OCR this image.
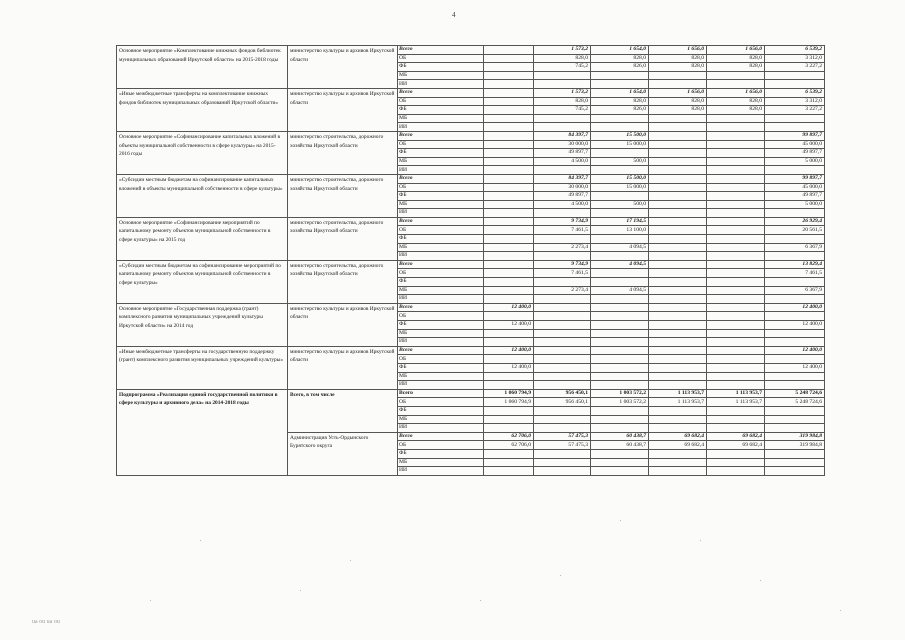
4
Основное мероприятие «Комплектование книжных фондов библиотек муниципальных образований Иркутской области» на 2015-2018 годы	министерство культуры и архивов Иркутской области	Всего		1 573,2	1 654,0	1 656,0	1 656,0	6 539,2
		ОБ		828,0	828,0	828,0	828,0	3 312,0
		ФБ		745,2	826,0	828,0	828,0	3 227,2
		МБ						
		ИИ						
«Иные межбюджетные трансферты на комплектование книжных фондов библиотек муниципальных образований Иркутской области»	министерство культуры и архивов Иркутской области	Всего		1 573,2	1 654,0	1 656,0	1 656,0	6 539,2
		ОБ		828,0	828,0	828,0	828,0	3 312,0
		ФБ		745,2	826,0	828,0	828,0	3 227,2
		МБ						
		ИИ						
Основное мероприятие «Софинансирование капитальных вложений в объекты муниципальной собственности в сфере культуры» на 2015-2016 годы	министерство строительства, дорожного хозяйства Иркутской области	Всего		84 397,7	15 500,0			99 897,7
		ОБ		30 000,0	15 000,0			45 000,0
		ФБ		49 897,7				49 897,7
		МБ		4 500,0	500,0			5 000,0
		ИИ						
«Субсидии местным бюджетам на софинансирование капитальных вложений в объекты муниципальной собственности в сфере культуры»	министерство строительства, дорожного хозяйства Иркутской области	Всего		84 397,7	15 500,0			99 897,7
		ОБ		30 000,0	15 000,0			45 000,0
		ФБ		49 897,7				49 897,7
		МБ		4 500,0	500,0			5 000,0
		ИИ						
Основное мероприятие «Софинансирование мероприятий по капитальному ремонту объектов муниципальной собственности в сфере культуры» на 2015 год	министерство строительства, дорожного хозяйства Иркутской области	Всего		9 734,9	17 194,5			26 929,4
		ОБ		7 461,5	13 100,0			20 561,5
		ФБ						
		МБ		2 273,4	4 094,5			6 367,9
		ИИ						
«Субсидии местным бюджетам на софинансирование мероприятий по капитальному ремонту объектов муниципальной собственности в сфере культуры»	министерство строительства, дорожного хозяйства Иркутской области	Всего		9 734,9	4 094,5			13 829,4
		ОБ		7 461,5				7 461,5
		ФБ						
		МБ		2 273,4	4 094,5			6 367,9
		ИИ						
Основное мероприятие «Государственная поддержка (грант) комплексного развития муниципальных учреждений культуры Иркутской области» на 2014 год	министерство культуры и архивов Иркутской области	Всего	12 400,0					12 400,0
		ОБ						
		ФБ	12 400,0					12 400,0
		МБ						
		ИИ						
«Иные межбюджетные трансферты на государственную поддержку (грант) комплексного развития муниципальных учреждений культуры»	министерство культуры и архивов Иркутской области	Всего	12 400,0					12 400,0
		ОБ						
		ФБ	12 400,0					12 400,0
		МБ						
		ИИ						
Подпрограмма «Реализация единой государственной политики в сфере культуры и архивного дела» на 2014-2018 годы	Всего, в том числе	Всего	1 060 794,9	956 450,1	1 003 572,2	1 113 953,7	1 113 953,7	5 248 724,6
		ОБ	1 060 794,9	956 450,1	1 003 572,2	1 113 953,7	1 113 953,7	5 248 724,6
		ФБ						
		МБ						
		ИИ						
	Администрация Усть-Ордынского Бурятского округа	Всего	62 706,0	57 475,3	60 438,7	69 682,4	69 682,4	319 984,8
		ОБ	62 706,0	57 475,3	60 438,7	69 682,4	69 682,4	319 984,8
		ФБ						
		МБ						
		ИИ						
ua ou ua ou
